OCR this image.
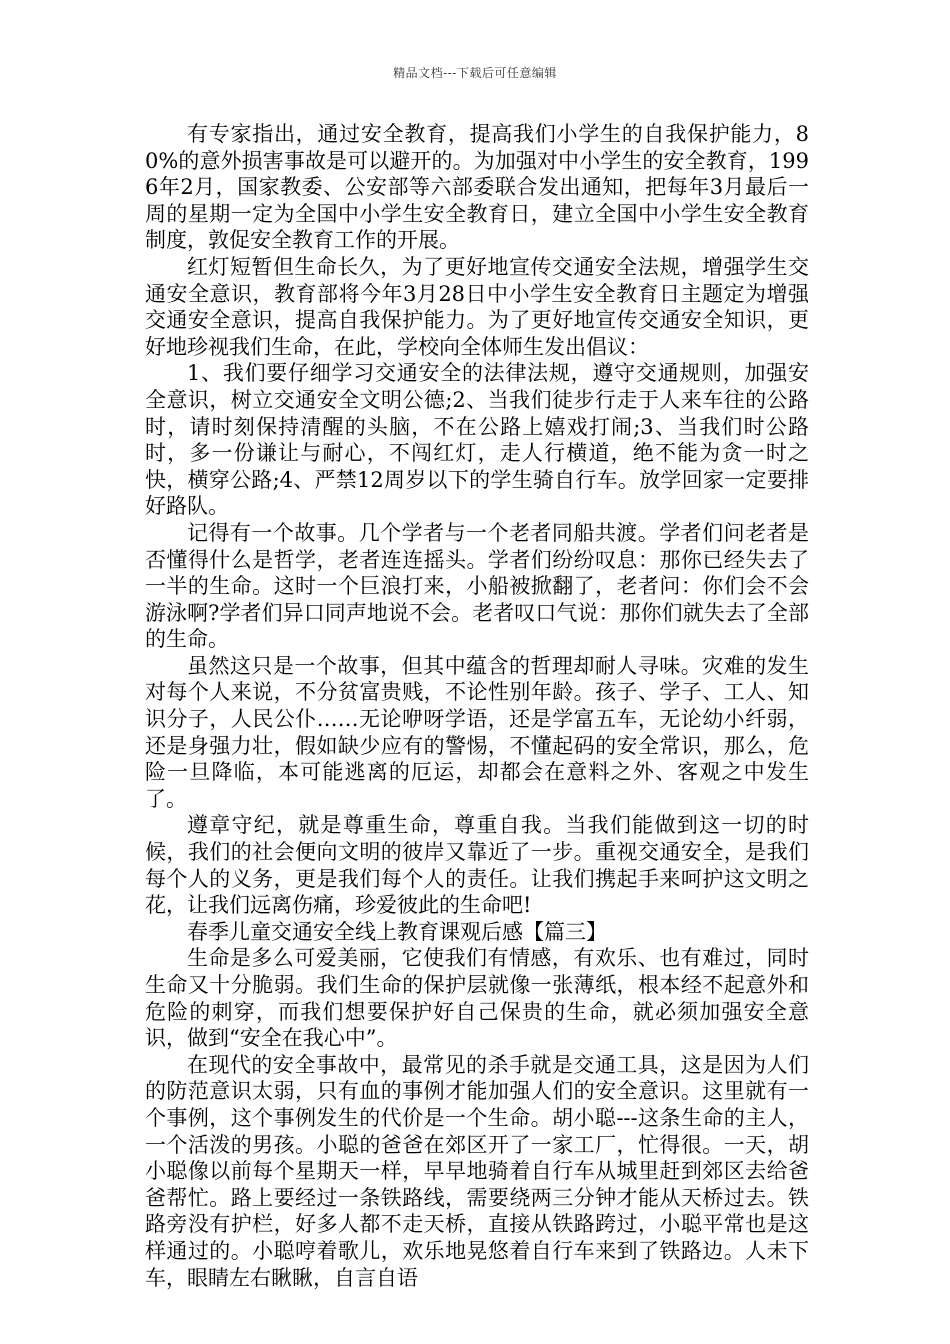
精品文档---下载后可任意编辑

有专家指出，通过安全教育，提高我们小学生的自我保护能力，80%的意外损害事故是可以避开的。为加强对中小学生的安全教育，1996年2月，国家教委、公安部等六部委联合发出通知，把每年3月最后一周的星期一定为全国中小学生安全教育日，建立全国中小学生安全教育制度，敦促安全教育工作的开展。

红灯短暂但生命长久，为了更好地宣传交通安全法规，增强学生交通安全意识，教育部将今年3月28日中小学生安全教育日主题定为增强交通安全意识，提高自我保护能力。为了更好地宣传交通安全知识，更好地珍视我们生命，在此，学校向全体师生发出倡议：

1、我们要仔细学习交通安全的法律法规，遵守交通规则，加强安全意识，树立交通安全文明公德;2、当我们徒步行走于人来车往的公路时，请时刻保持清醒的头脑，不在公路上嬉戏打闹;3、当我们时公路时，多一份谦让与耐心，不闯红灯，走人行横道，绝不能为贪一时之快，横穿公路;4、严禁12周岁以下的学生骑自行车。放学回家一定要排好路队。

记得有一个故事。几个学者与一个老者同船共渡。学者们问老者是否懂得什么是哲学，老者连连摇头。学者们纷纷叹息：那你已经失去了一半的生命。这时一个巨浪打来，小船被掀翻了，老者问：你们会不会游泳啊?学者们异口同声地说不会。老者叹口气说：那你们就失去了全部的生命。

虽然这只是一个故事，但其中蕴含的哲理却耐人寻味。灾难的发生对每个人来说，不分贫富贵贱，不论性别年龄。孩子、学子、工人、知识分子，人民公仆……无论咿呀学语，还是学富五车，无论幼小纤弱，还是身强力壮，假如缺少应有的警惕，不懂起码的安全常识，那么，危险一旦降临，本可能逃离的厄运，却都会在意料之外、客观之中发生了。

遵章守纪，就是尊重生命，尊重自我。当我们能做到这一切的时候，我们的社会便向文明的彼岸又靠近了一步。重视交通安全，是我们每个人的义务，更是我们每个人的责任。让我们携起手来呵护这文明之花，让我们远离伤痛，珍爱彼此的生命吧!

春季儿童交通安全线上教育课观后感【篇三】

生命是多么可爱美丽，它使我们有情感，有欢乐、也有难过，同时生命又十分脆弱。我们生命的保护层就像一张薄纸，根本经不起意外和危险的刺穿，而我们想要保护好自己保贵的生命，就必须加强安全意识，做到“安全在我心中”。

在现代的安全事故中，最常见的杀手就是交通工具，这是因为人们的防范意识太弱，只有血的事例才能加强人们的安全意识。这里就有一个事例，这个事例发生的代价是一个生命。胡小聪---这条生命的主人，一个活泼的男孩。小聪的爸爸在郊区开了一家工厂，忙得很。一天，胡小聪像以前每个星期天一样，早早地骑着自行车从城里赶到郊区去给爸爸帮忙。路上要经过一条铁路线，需要绕两三分钟才能从天桥过去。铁路旁没有护栏，好多人都不走天桥，直接从铁路跨过，小聪平常也是这样通过的。小聪哼着歌儿，欢乐地晃悠着自行车来到了铁路边。人未下车，眼睛左右瞅瞅，自言自语
